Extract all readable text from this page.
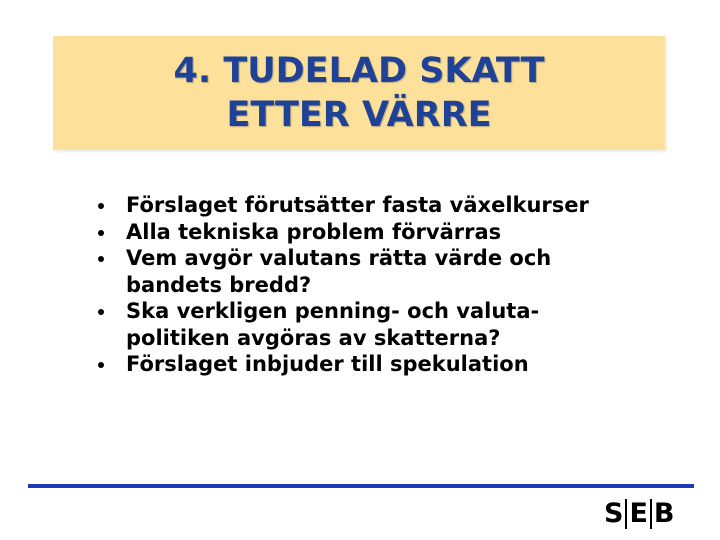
4. TUDELAD SKATT
ETTER VÄRRE
Förslaget förutsätter fasta växelkurser
Alla tekniska problem förvärras
Vem avgör valutans rätta värde och
bandets bredd?
Ska verkligen penning- och valuta-
politiken avgöras av skatterna?
Förslaget inbjuder till spekulation
S E B
